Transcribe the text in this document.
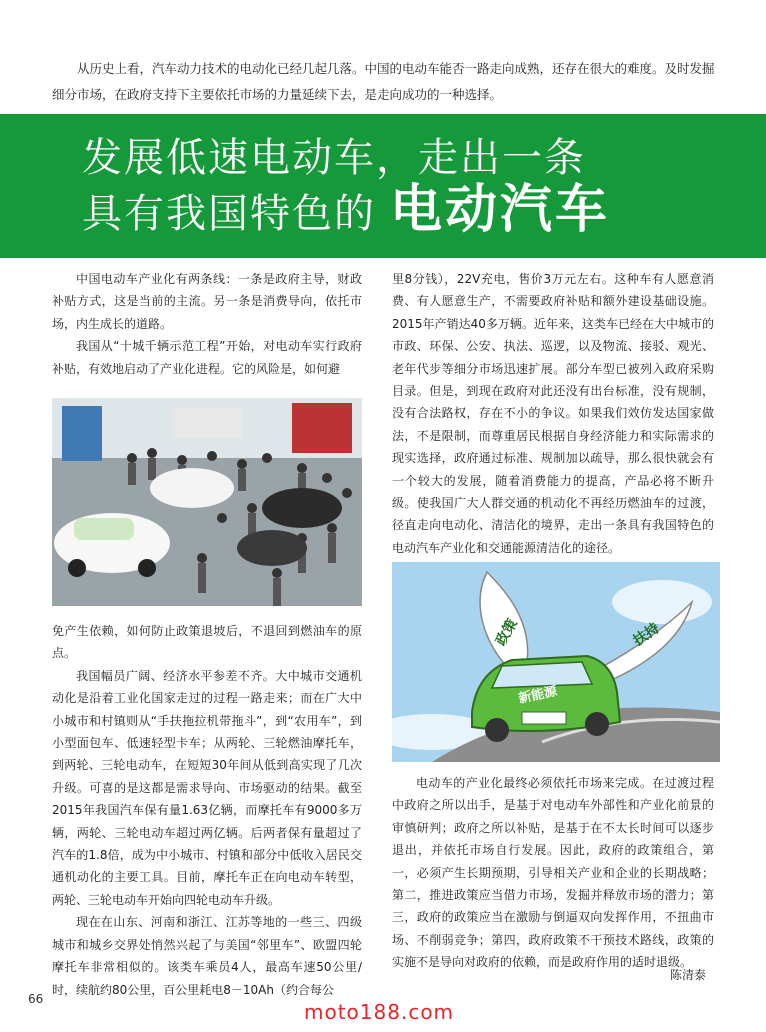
从历史上看，汽车动力技术的电动化已经几起几落。中国的电动车能否一路走向成熟，还存在很大的难度。及时发掘细分市场，在政府支持下主要依托市场的力量延续下去，是走向成功的一种选择。
发展低速电动车，走出一条
具有我国特色的 电动汽车

中国电动车产业化有两条线：一条是政府主导，财政补贴方式，这是当前的主流。另一条是消费导向，依托市场，内生成长的道路。

我国从“十城千辆示范工程”开始，对电动车实行政府补贴，有效地启动了产业化进程。它的风险是，如何避

免产生依赖，如何防止政策退坡后，不退回到燃油车的原点。

我国幅员广阔、经济水平参差不齐。大中城市交通机动化是沿着工业化国家走过的过程一路走来；而在广大中小城市和村镇则从“手扶拖拉机带拖斗”，到“农用车”，到小型面包车、低速轻型卡车；从两轮、三轮燃油摩托车，到两轮、三轮电动车，在短短30年间从低到高实现了几次升级。可喜的是这都是需求导向、市场驱动的结果。截至2015年我国汽车保有量1.63亿辆，而摩托车有9000多万辆，两轮、三轮电动车超过两亿辆。后两者保有量超过了汽车的1.8倍，成为中小城市、村镇和部分中低收入居民交通机动化的主要工具。目前，摩托车正在向电动车转型，两轮、三轮电动车开始向四轮电动车升级。

现在在山东、河南和浙江、江苏等地的一些三、四级城市和城乡交界处悄然兴起了与美国“邻里车”、欧盟四轮摩托车非常相似的。该类车乘员4人，最高车速50公里/时，续航约80公里，百公里耗电8－10Ah（约合每公

里8分钱），22V充电，售价3万元左右。这种车有人愿意消费、有人愿意生产，不需要政府补贴和额外建设基础设施。2015年产销达40多万辆。近年来，这类车已经在大中城市的市政、环保、公安、执法、巡逻，以及物流、接驳、观光、老年代步等细分市场迅速扩展。部分车型已被列入政府采购目录。但是，到现在政府对此还没有出台标准，没有规制，没有合法路权，存在不小的争议。如果我们效仿发达国家做法，不是限制，而尊重居民根据自身经济能力和实际需求的现实选择，政府通过标准、规制加以疏导，那么很快就会有一个较大的发展，随着消费能力的提高，产品必将不断升级。使我国广大人群交通的机动化不再经历燃油车的过渡，径直走向电动化、清洁化的境界，走出一条具有我国特色的电动汽车产业化和交通能源清洁化的途径。

政策	扶持
新能源

电动车的产业化最终必须依托市场来完成。在过渡过程中政府之所以出手，是基于对电动车外部性和产业化前景的审慎研判；政府之所以补贴，是基于在不太长时间可以逐步退出，并依托市场自行发展。因此，政府的政策组合，第一，必须产生长期预期，引导相关产业和企业的长期战略；第二，推进政策应当借力市场，发掘并释放市场的潜力；第三，政府的政策应当在激励与倒逼双向发挥作用，不扭曲市场、不削弱竞争；第四，政府政策不干预技术路线，政策的实施不是导向对政府的依赖，而是政府作用的适时退级。

陈清泰
66
moto188.com
